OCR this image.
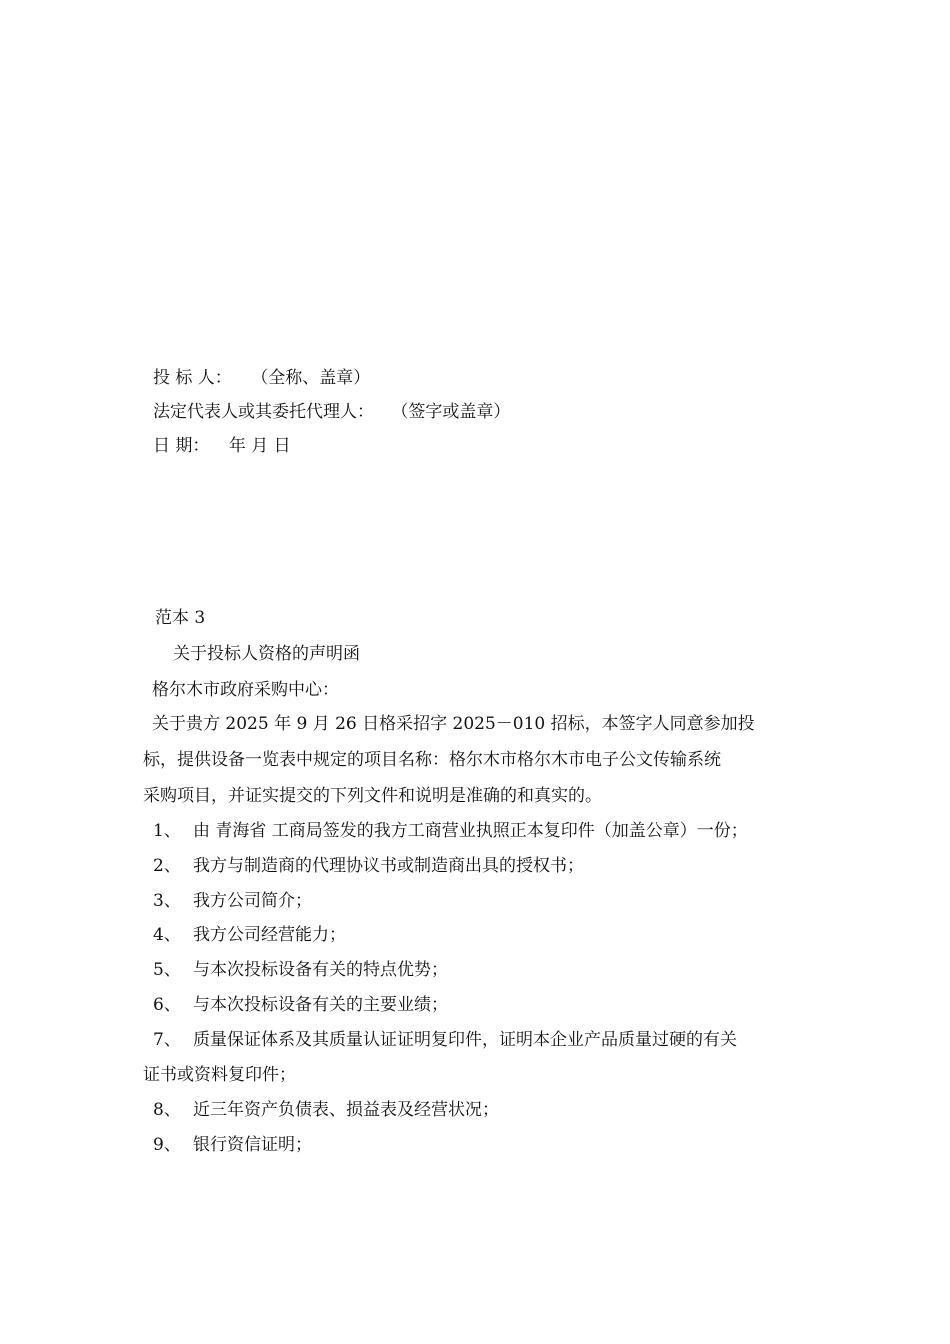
投 标 人： （全称、盖章）
法定代表人或其委托代理人： （签字或盖章）
日 期： 年 月 日
范本 3
关于投标人资格的声明函
格尔木市政府采购中心：
关于贵方 2025 年 9 月 26 日格采招字 2025－010 招标，本签字人同意参加投
标，提供设备一览表中规定的项目名称：格尔木市格尔木市电子公文传输系统
采购项目，并证实提交的下列文件和说明是准确的和真实的。
1、 由 青海省 工商局签发的我方工商营业执照正本复印件（加盖公章）一份；
2、 我方与制造商的代理协议书或制造商出具的授权书；
3、 我方公司简介；
4、 我方公司经营能力；
5、 与本次投标设备有关的特点优势；
6、 与本次投标设备有关的主要业绩；
7、 质量保证体系及其质量认证证明复印件，证明本企业产品质量过硬的有关
证书或资料复印件；
8、 近三年资产负债表、损益表及经营状况；
9、 银行资信证明；
